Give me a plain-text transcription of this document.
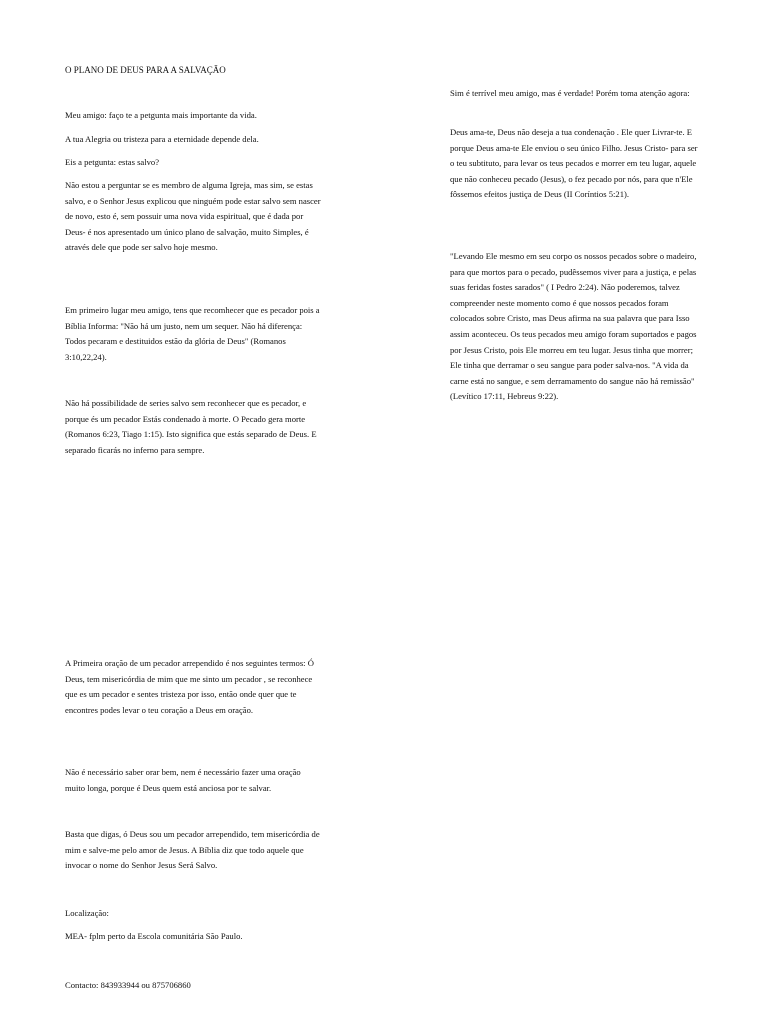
O PLANO DE DEUS PARA A SALVAÇÃO

Meu amigo: faço te a petgunta mais importante da vida.

A tua Alegria ou tristeza para a eternidade depende dela.

Eis a petgunta: estas salvo?

Não estou a perguntar se es membro de alguma Igreja, mas sim, se estas salvo, e o Senhor Jesus explicou que ninguém pode estar salvo sem nascer de novo, esto é, sem possuir uma nova vida espiritual, que é dada por Deus- é nos apresentado um único plano de salvação, muito Simples, é através dele que pode ser salvo hoje mesmo.

Em primeiro lugar meu amigo, tens que recomhecer que es pecador pois a Bíblia Informa: "Não há um justo, nem um sequer. Não há diferença: Todos pecaram e destituidos estão da glória de Deus" (Romanos 3:10,22,24).

Não há possibilidade de series salvo sem reconhecer que es pecador, e porque és um pecador Estás condenado à morte. O Pecado gera morte (Romanos 6:23, Tiago 1:15). Isto significa que estás separado de Deus. E separado ficarás no inferno para sempre.

A Primeira oração de um pecador arrependido é nos seguintes termos: Ó Deus, tem misericórdia de mim que me sinto um pecador , se reconhece que es um pecador e sentes tristeza por isso, então onde quer que te encontres podes levar o teu coração a Deus em oração.

Não é necessário saber orar bem, nem é necessário fazer uma oração muito longa, porque é Deus quem está anciosa por te salvar.

Basta que digas, ó Deus sou um pecador arrependido, tem misericórdia de mim e salve-me pelo amor de Jesus. A Bíblia diz que todo aquele que invocar o nome do Senhor Jesus Será Salvo.

Localização:

MEA- fplm perto da Escola comunitária São Paulo.

Contacto: 843933944 ou 875706860

Sim é terrível meu amigo, mas é verdade! Porém toma atenção agora:

Deus ama-te, Deus não deseja a tua condenação . Ele quer Livrar-te. E porque Deus ama-te Ele enviou o seu único Filho. Jesus Cristo- para ser o teu subtituto, para levar os teus pecados e morrer em teu lugar, aquele que não conheceu pecado (Jesus), o fez pecado por nós, para que n'Ele fôssemos efeitos justiça de Deus (II Coríntios 5:21).

"Levando Ele mesmo em seu corpo os nossos pecados sobre o madeiro, para que mortos para o pecado, pudêssemos viver para a justiça, e pelas suas feridas fostes sarados" ( I Pedro 2:24). Não poderemos, talvez compreender neste momento como é que nossos pecados foram colocados sobre Cristo, mas Deus afirma na sua palavra que para Isso assim aconteceu. Os teus pecados meu amigo foram suportados e pagos por Jesus Cristo, pois Ele morreu em teu lugar. Jesus tinha que morrer; Ele tinha que derramar o seu sangue para poder salva-nos. "A vida da carne está no sangue, e sem derramamento do sangue não há remissão" (Levítico 17:11, Hebreus 9:22).
